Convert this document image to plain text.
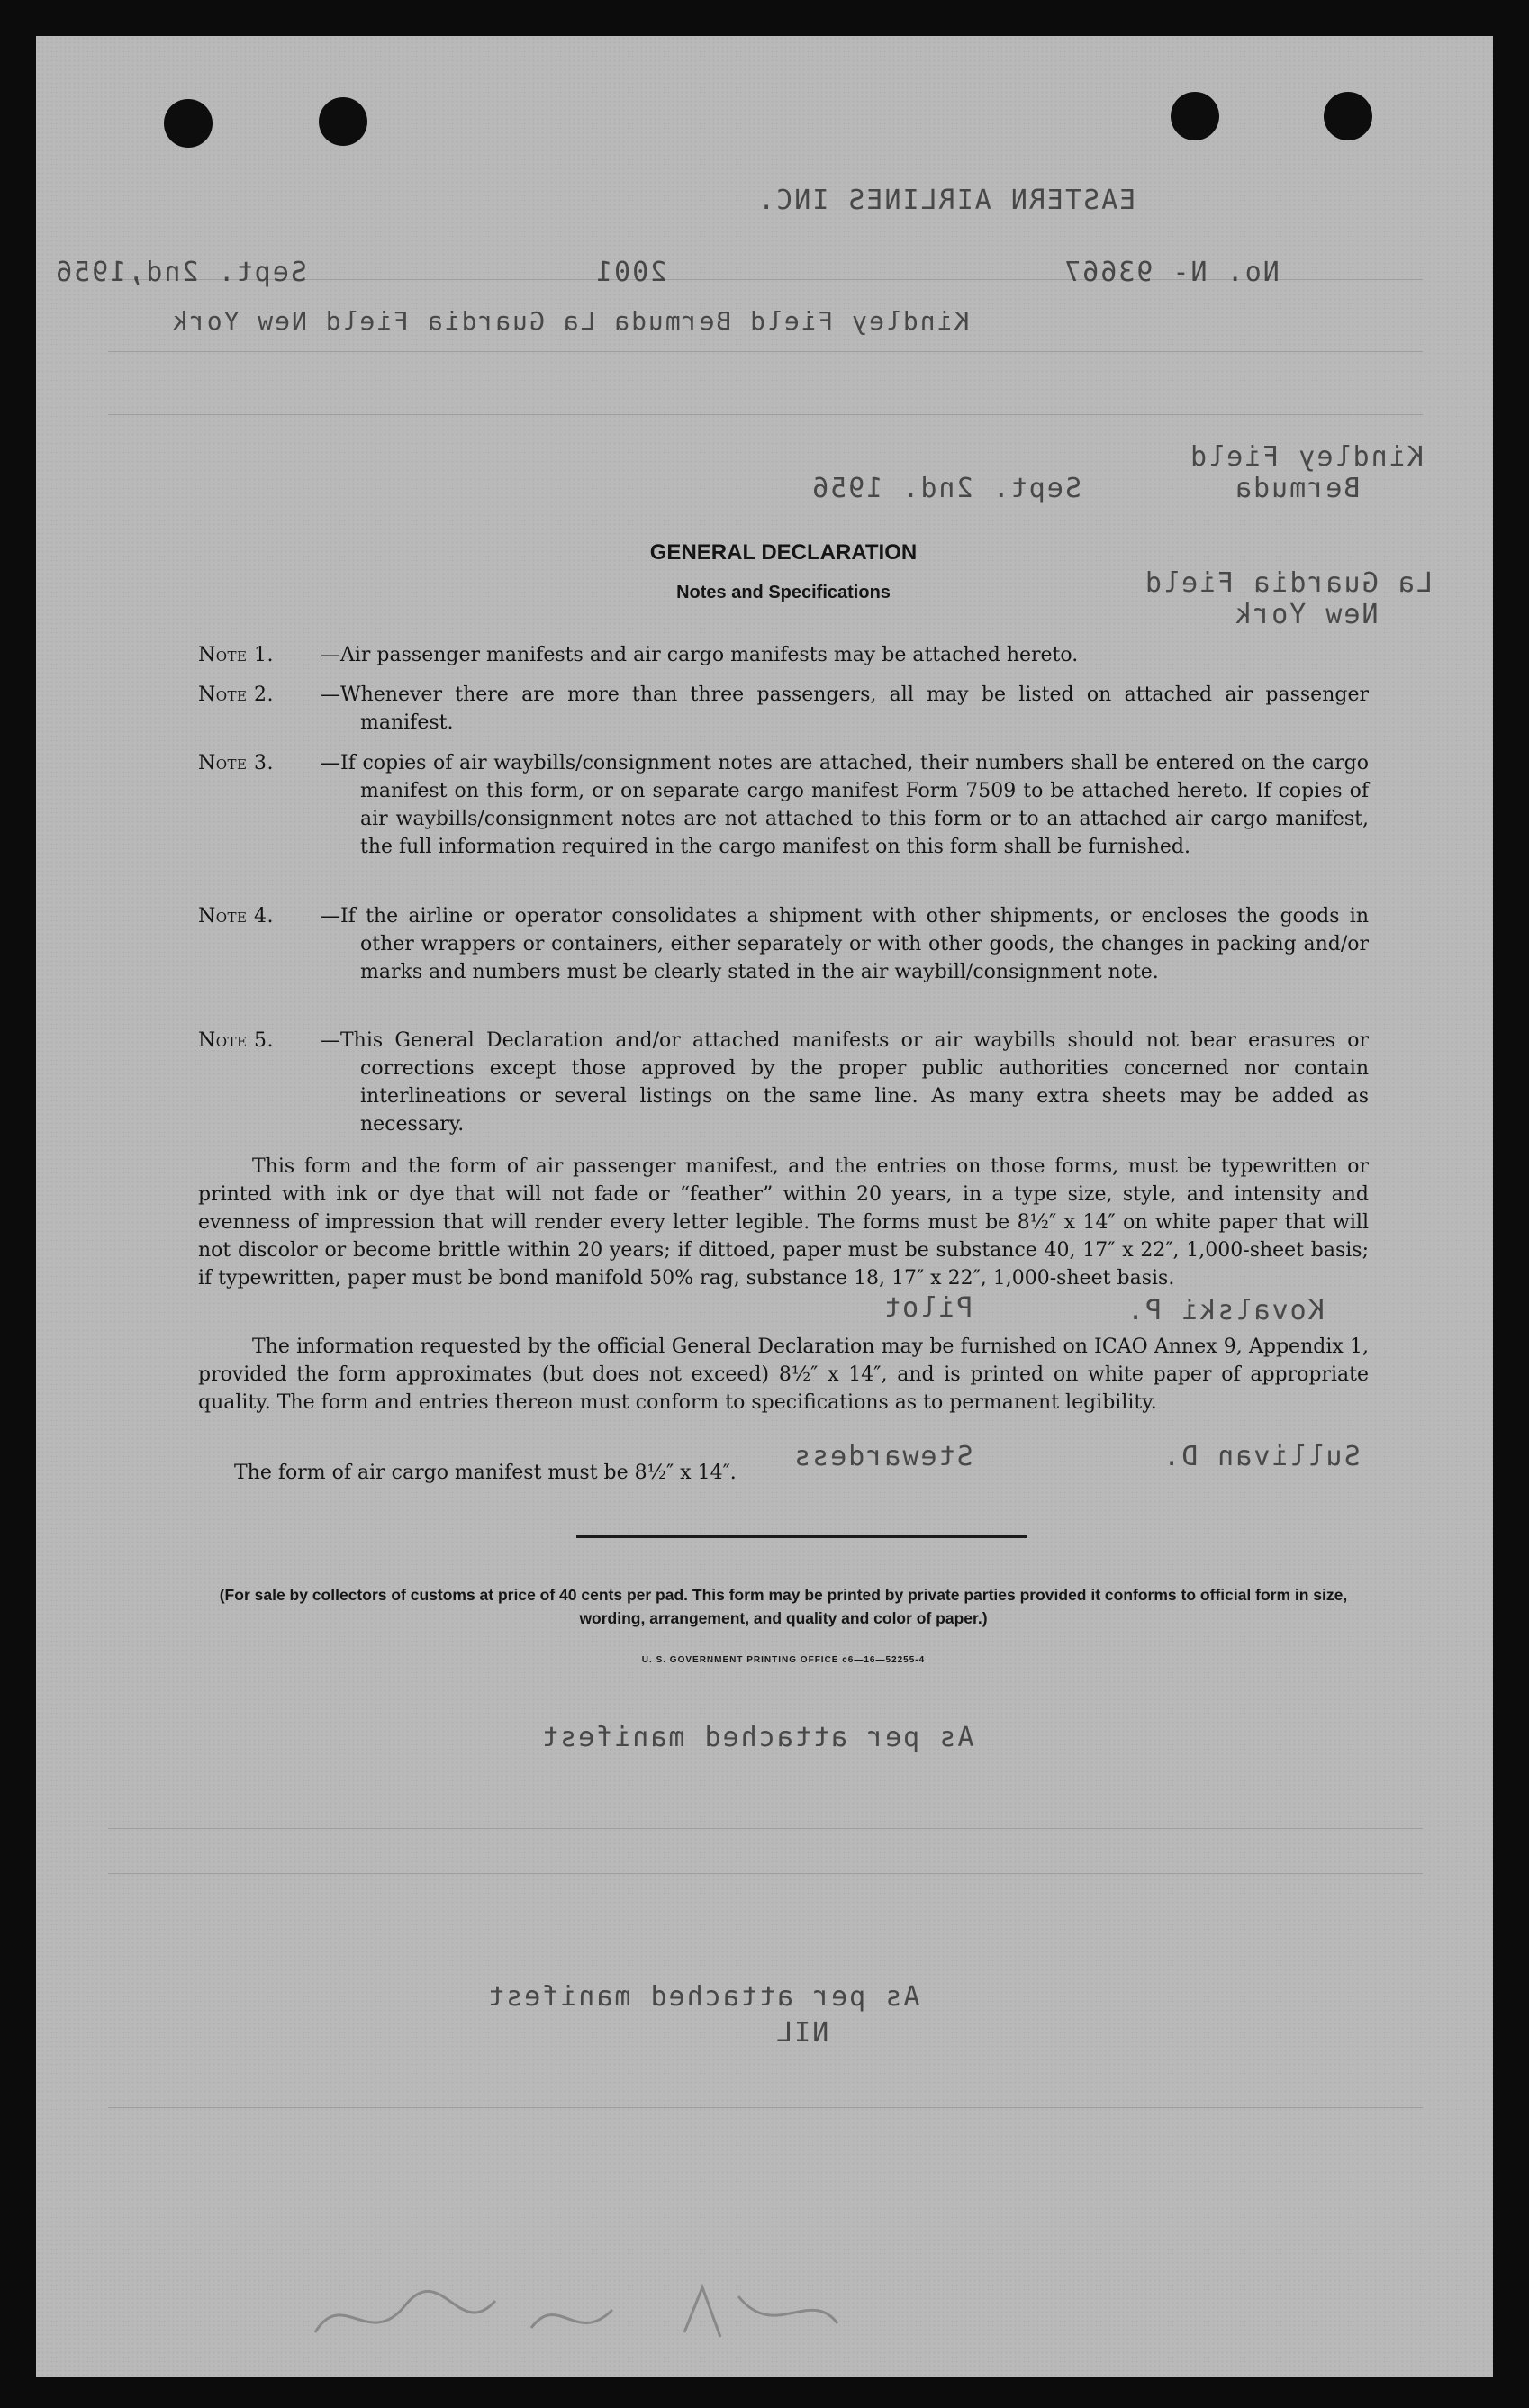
EASTERN AIRLINES INC.
No. N- 93667
2001
Sept. 2nd,1956
Kindley Field Bermuda La Guardia Field New York
Kindley Field
Bermuda
Sept. 2nd. 1956
La Guardia Field
New York
Kovalski P.
Pilot
Sullivan D.
Stewardess
As per attached manifest
As per attached manifest
NIL
GENERAL DECLARATION
Notes and Specifications
Note 1. —Air passenger manifests and air cargo manifests may be attached hereto.
Note 2. —Whenever there are more than three passengers, all may be listed on attached air passenger manifest.
Note 3. —If copies of air waybills/consignment notes are attached, their numbers shall be entered on the cargo manifest on this form, or on separate cargo manifest Form 7509 to be attached hereto. If copies of air waybills/consignment notes are not attached to this form or to an attached air cargo manifest, the full information required in the cargo manifest on this form shall be furnished.
Note 4. —If the airline or operator consolidates a shipment with other shipments, or encloses the goods in other wrappers or containers, either separately or with other goods, the changes in packing and/or marks and numbers must be clearly stated in the air waybill/consignment note.
Note 5. —This General Declaration and/or attached manifests or air waybills should not bear erasures or corrections except those approved by the proper public authorities concerned nor contain interlineations or several listings on the same line. As many extra sheets may be added as necessary.
This form and the form of air passenger manifest, and the entries on those forms, must be typewritten or printed with ink or dye that will not fade or “feather” within 20 years, in a type size, style, and intensity and evenness of impression that will render every letter legible. The forms must be 8½″ x 14″ on white paper that will not discolor or become brittle within 20 years; if dittoed, paper must be substance 40, 17″ x 22″, 1,000-sheet basis; if typewritten, paper must be bond manifold 50% rag, substance 18, 17″ x 22″, 1,000-sheet basis.
The information requested by the official General Declaration may be furnished on ICAO Annex 9, Appendix 1, provided the form approximates (but does not exceed) 8½″ x 14″, and is printed on white paper of appropriate quality. The form and entries thereon must conform to specifications as to permanent legibility.
The form of air cargo manifest must be 8½″ x 14″.
(For sale by collectors of customs at price of 40 cents per pad. This form may be printed by private parties provided it conforms to official form in size, wording, arrangement, and quality and color of paper.)
U. S. GOVERNMENT PRINTING OFFICE c6—16—52255-4
